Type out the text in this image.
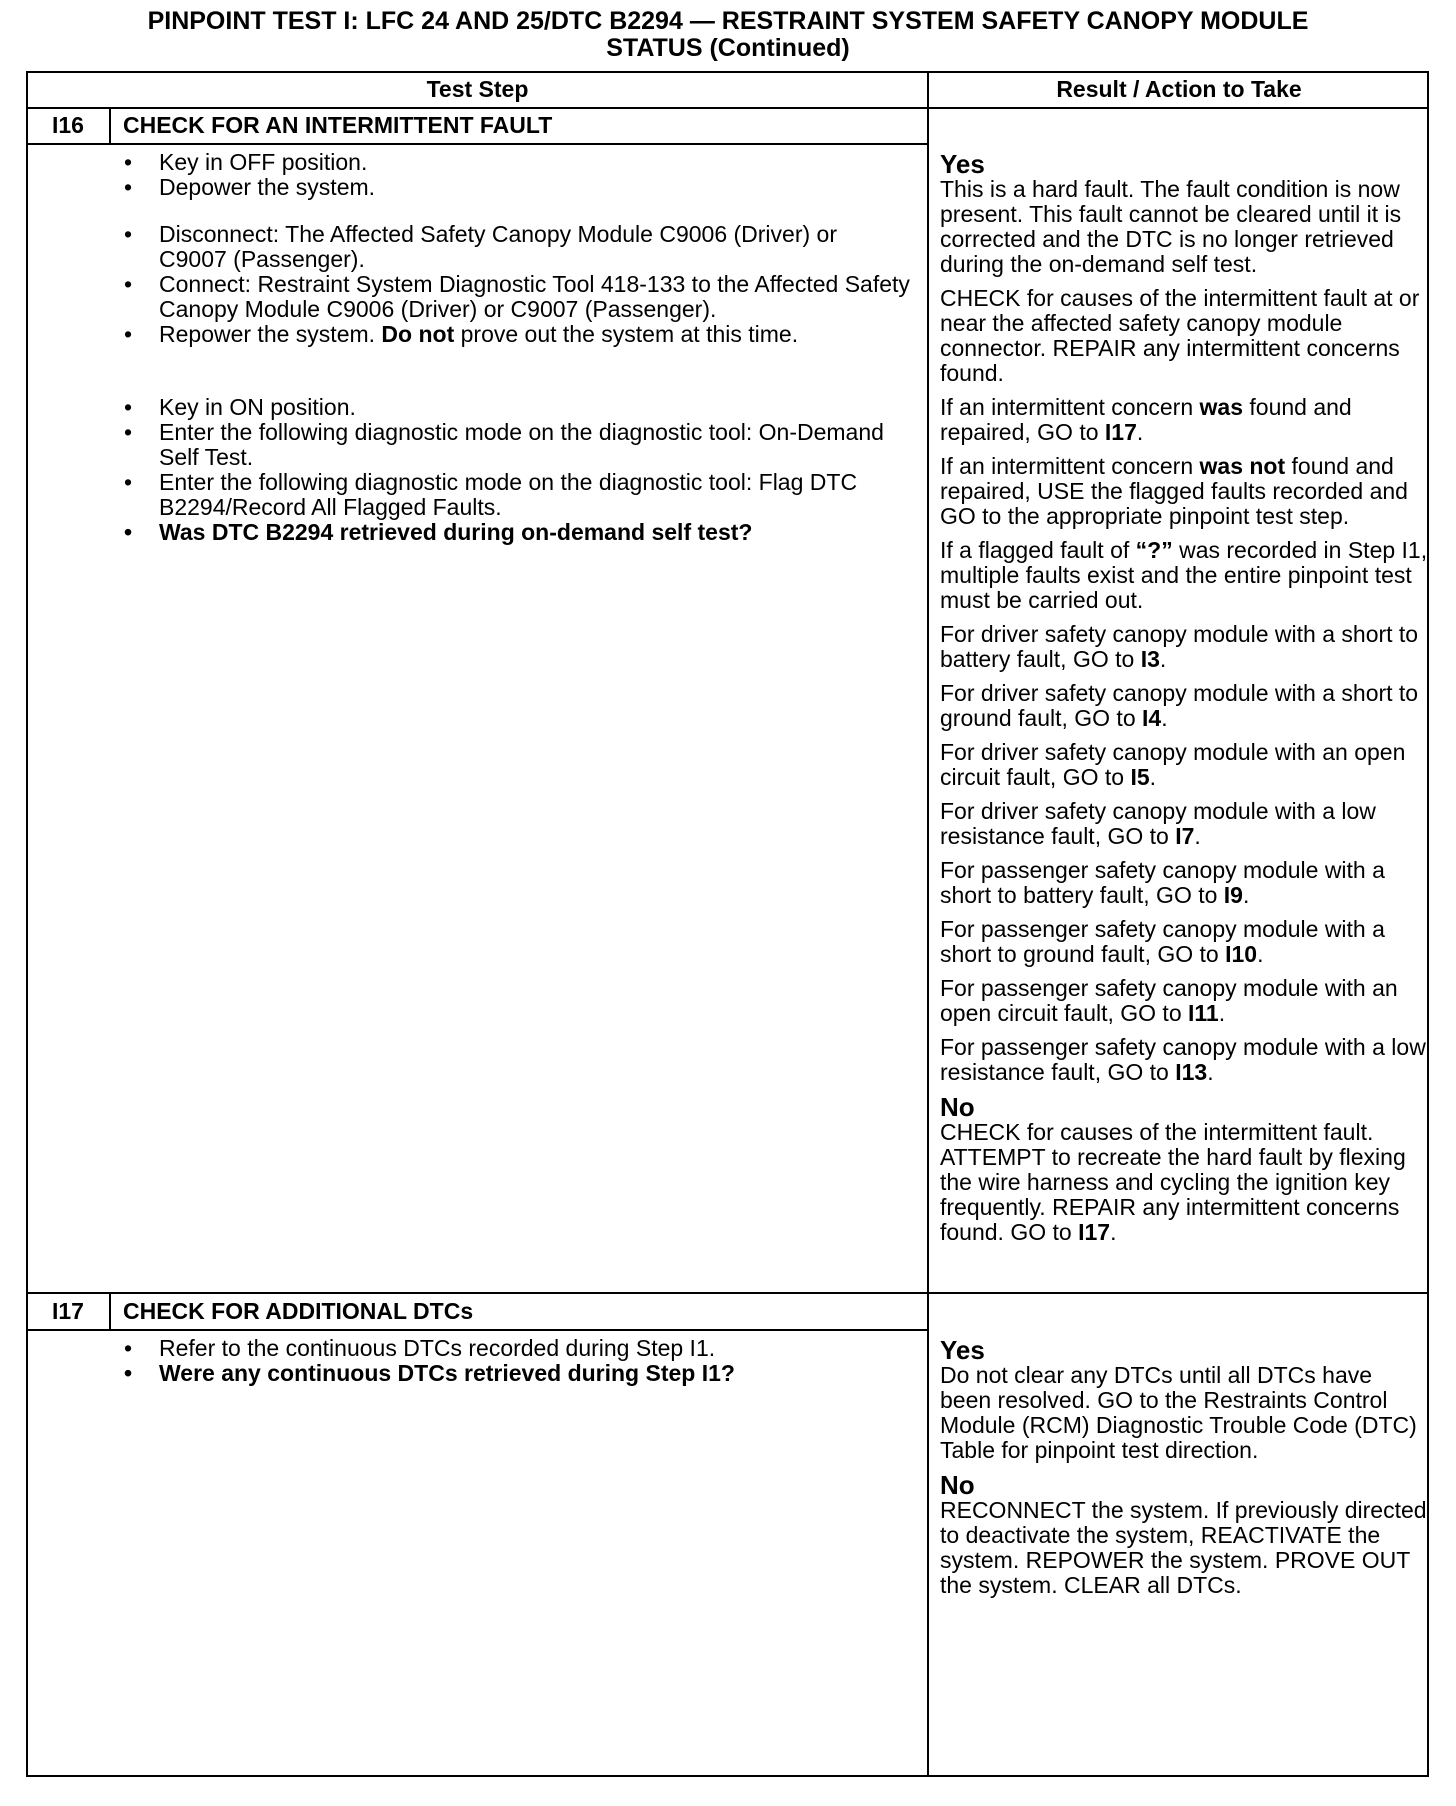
PINPOINT TEST I: LFC 24 AND 25/DTC B2294 — RESTRAINT SYSTEM SAFETY CANOPY MODULE
STATUS (Continued)
Test Step	Result / Action to Take
I16 CHECK FOR AN INTERMITTENT FAULT
• Key in OFF position.
• Depower the system.
• Disconnect: The Affected Safety Canopy Module C9006 (Driver) or C9007 (Passenger).
• Connect: Restraint System Diagnostic Tool 418-133 to the Affected Safety Canopy Module C9006 (Driver) or C9007 (Passenger).
• Repower the system. Do not prove out the system at this time.
• Key in ON position.
• Enter the following diagnostic mode on the diagnostic tool: On-Demand Self Test.
• Enter the following diagnostic mode on the diagnostic tool: Flag DTC B2294/Record All Flagged Faults.
• Was DTC B2294 retrieved during on-demand self test?
Yes

This is a hard fault. The fault condition is now present. This fault cannot be cleared until it is corrected and the DTC is no longer retrieved during the on-demand self test.

CHECK for causes of the intermittent fault at or near the affected safety canopy module connector. REPAIR any intermittent concerns found.

If an intermittent concern was found and repaired, GO to I17.

If an intermittent concern was not found and repaired, USE the flagged faults recorded and GO to the appropriate pinpoint test step.

If a flagged fault of “?” was recorded in Step I1, multiple faults exist and the entire pinpoint test must be carried out.

For driver safety canopy module with a short to battery fault, GO to I3.

For driver safety canopy module with a short to ground fault, GO to I4.

For driver safety canopy module with an open circuit fault, GO to I5.

For driver safety canopy module with a low resistance fault, GO to I7.

For passenger safety canopy module with a short to battery fault, GO to I9.

For passenger safety canopy module with a short to ground fault, GO to I10.

For passenger safety canopy module with an open circuit fault, GO to I11.

For passenger safety canopy module with a low resistance fault, GO to I13.

No

CHECK for causes of the intermittent fault. ATTEMPT to recreate the hard fault by flexing the wire harness and cycling the ignition key frequently. REPAIR any intermittent concerns found. GO to I17.

I17 CHECK FOR ADDITIONAL DTCs
• Refer to the continuous DTCs recorded during Step I1.
• Were any continuous DTCs retrieved during Step I1?
Yes

Do not clear any DTCs until all DTCs have been resolved. GO to the Restraints Control Module (RCM) Diagnostic Trouble Code (DTC) Table for pinpoint test direction.

No

RECONNECT the system. If previously directed to deactivate the system, REACTIVATE the system. REPOWER the system. PROVE OUT the system. CLEAR all DTCs.
